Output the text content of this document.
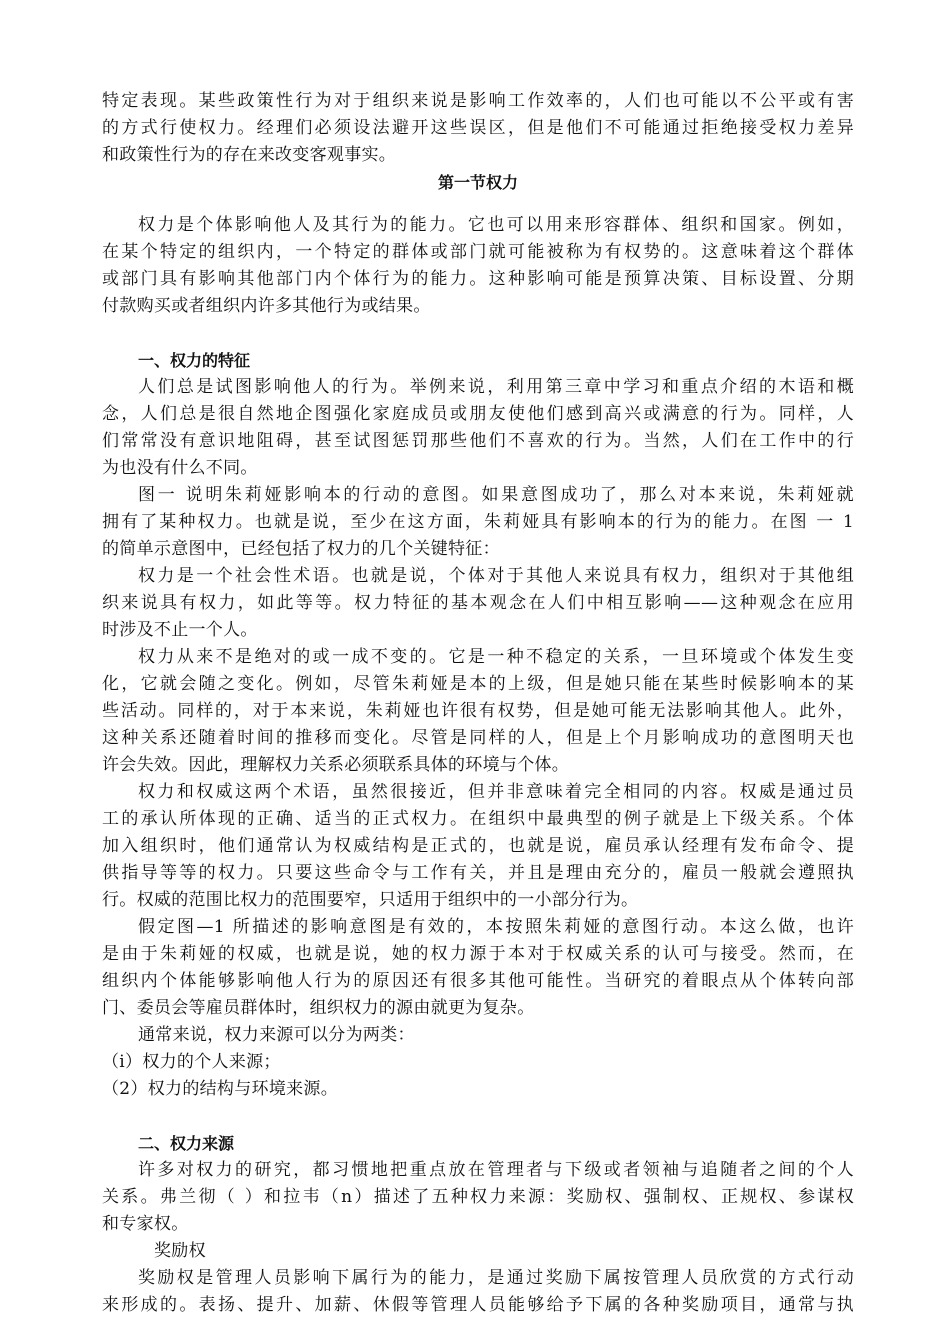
特定表现。某些政策性行为对于组织来说是影响工作效率的，人们也可能以不公平或有害
的方式行使权力。经理们必须设法避开这些误区，但是他们不可能通过拒绝接受权力差异
和政策性行为的存在来改变客观事实。
第一节权力
权力是个体影响他人及其行为的能力。它也可以用来形容群体、组织和国家。例如，
在某个特定的组织内，一个特定的群体或部门就可能被称为有权势的。这意味着这个群体
或部门具有影响其他部门内个体行为的能力。这种影响可能是预算决策、目标设置、分期
付款购买或者组织内许多其他行为或结果。
一、权力的特征
人们总是试图影响他人的行为。举例来说，利用第三章中学习和重点介绍的木语和概
念，人们总是很自然地企图强化家庭成员或朋友使他们感到高兴或满意的行为。同样，人
们常常没有意识地阻碍，甚至试图惩罚那些他们不喜欢的行为。当然，人们在工作中的行
为也没有什么不同。
图一 说明朱莉娅影响本的行动的意图。如果意图成功了，那么对本来说，朱莉娅就
拥有了某种权力。也就是说，至少在这方面，朱莉娅具有影响本的行为的能力。在图 一 1
的简单示意图中，已经包括了权力的几个关键特征：
权力是一个社会性术语。也就是说，个体对于其他人来说具有权力，组织对于其他组
织来说具有权力，如此等等。权力特征的基本观念在人们中相互影响——这种观念在应用
时涉及不止一个人。
权力从来不是绝对的或一成不变的。它是一种不稳定的关系，一旦环境或个体发生变
化，它就会随之变化。例如，尽管朱莉娅是本的上级，但是她只能在某些时候影响本的某
些活动。同样的，对于本来说，朱莉娅也许很有权势，但是她可能无法影响其他人。此外，
这种关系还随着时间的推移而变化。尽管是同样的人，但是上个月影响成功的意图明天也
许会失效。因此，理解权力关系必须联系具体的环境与个体。
权力和权威这两个术语，虽然很接近，但并非意味着完全相同的内容。权威是通过员
工的承认所体现的正确、适当的正式权力。在组织中最典型的例子就是上下级关系。个体
加入组织时，他们通常认为权威结构是正式的，也就是说，雇员承认经理有发布命令、提
供指导等等的权力。只要这些命令与工作有关，并且是理由充分的，雇员一般就会遵照执
行。权威的范围比权力的范围要窄，只适用于组织中的一小部分行为。
假定图—1 所描述的影响意图是有效的，本按照朱莉娅的意图行动。本这么做，也许
是由于朱莉娅的权威，也就是说，她的权力源于本对于权威关系的认可与接受。然而，在
组织内个体能够影响他人行为的原因还有很多其他可能性。当研究的着眼点从个体转向部
门、委员会等雇员群体时，组织权力的源由就更为复杂。
通常来说，权力来源可以分为两类：
（i）权力的个人来源；
（2）权力的结构与环境来源。
二、权力来源
许多对权力的研究，都习惯地把重点放在管理者与下级或者领袖与追随者之间的个人
关系。弗兰彻（ ）和拉韦（n）描述了五种权力来源：奖励权、强制权、正规权、参谋权
和专家权。
奖励权
奖励权是管理人员影响下属行为的能力，是通过奖励下属按管理人员欣赏的方式行动
来形成的。表扬、提升、加薪、休假等管理人员能够给予下属的各种奖励项目，通常与执
